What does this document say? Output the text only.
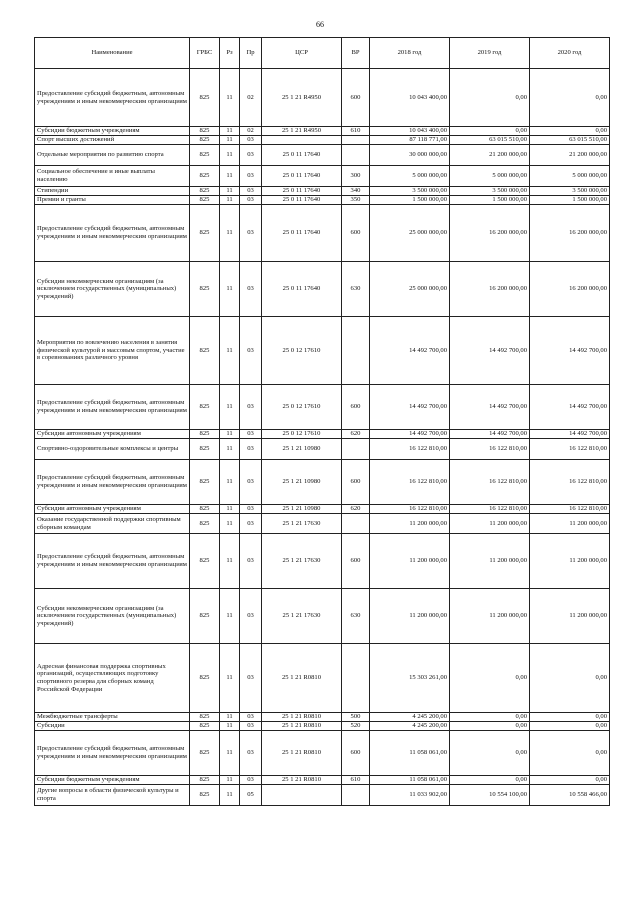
66
Наименование	ГРБС	Рз	Пр	ЦСР	ВР	2018 год	2019 год	2020 год
Предоставление субсидий бюджетным, автономным учреждениям и иным некоммерческим организациям	825	11	02	25 1 21 R4950	600	10 043 400,00	0,00	0,00
Субсидии бюджетным учреждениям	825	11	02	25 1 21 R4950	610	10 043 400,00	0,00	0,00
Спорт высших достижений	825	11	03			87 118 771,00	63 015 510,00	63 015 510,00
Отдельные мероприятия по развитию спорта	825	11	03	25 0 11 17640		30 000 000,00	21 200 000,00	21 200 000,00
Социальное обеспечение и иные выплаты населению	825	11	03	25 0 11 17640	300	5 000 000,00	5 000 000,00	5 000 000,00
Стипендии	825	11	03	25 0 11 17640	340	3 500 000,00	3 500 000,00	3 500 000,00
Премии и гранты	825	11	03	25 0 11 17640	350	1 500 000,00	1 500 000,00	1 500 000,00
Предоставление субсидий бюджетным, автономным учреждениям и иным некоммерческим организациям	825	11	03	25 0 11 17640	600	25 000 000,00	16 200 000,00	16 200 000,00
Субсидии некоммерческим организациям (за исключением государственных (муниципальных) учреждений)	825	11	03	25 0 11 17640	630	25 000 000,00	16 200 000,00	16 200 000,00
Мероприятия по вовлечению населения в занятия физической культурой и массовым спортом, участие в соревнованиях различного уровня	825	11	03	25 0 12 17610		14 492 700,00	14 492 700,00	14 492 700,00
Предоставление субсидий бюджетным, автономным учреждениям и иным некоммерческим организациям	825	11	03	25 0 12 17610	600	14 492 700,00	14 492 700,00	14 492 700,00
Субсидии автономным учреждениям	825	11	03	25 0 12 17610	620	14 492 700,00	14 492 700,00	14 492 700,00
Спортивно-оздоровительные комплексы и центры	825	11	03	25 1 21 10980		16 122 810,00	16 122 810,00	16 122 810,00
Предоставление субсидий бюджетным, автономным учреждениям и иным некоммерческим организациям	825	11	03	25 1 21 10980	600	16 122 810,00	16 122 810,00	16 122 810,00
Субсидии автономным учреждениям	825	11	03	25 1 21 10980	620	16 122 810,00	16 122 810,00	16 122 810,00
Оказание государственной поддержки спортивным сборным командам	825	11	03	25 1 21 17630		11 200 000,00	11 200 000,00	11 200 000,00
Предоставление субсидий бюджетным, автономным учреждениям и иным некоммерческим организациям	825	11	03	25 1 21 17630	600	11 200 000,00	11 200 000,00	11 200 000,00
Субсидии некоммерческим организациям (за исключением государственных (муниципальных) учреждений)	825	11	03	25 1 21 17630	630	11 200 000,00	11 200 000,00	11 200 000,00
Адресная финансовая поддержка спортивных организаций, осуществляющих подготовку спортивного резерва для сборных команд Российской Федерации	825	11	03	25 1 21 R0810		15 303 261,00	0,00	0,00
Межбюджетные трансферты	825	11	03	25 1 21 R0810	500	4 245 200,00	0,00	0,00
Субсидии	825	11	03	25 1 21 R0810	520	4 245 200,00	0,00	0,00
Предоставление субсидий бюджетным, автономным учреждениям и иным некоммерческим организациям	825	11	03	25 1 21 R0810	600	11 058 061,00	0,00	0,00
Субсидии бюджетным учреждениям	825	11	03	25 1 21 R0810	610	11 058 061,00	0,00	0,00
Другие вопросы в области физической культуры и спорта	825	11	05			11 033 902,00	10 554 100,00	10 558 466,00
